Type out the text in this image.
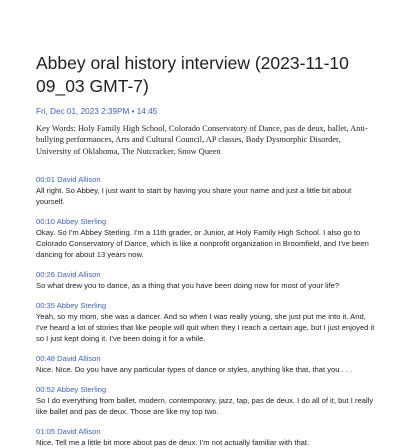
Abbey oral history interview (2023-11-10 09_03 GMT-7)
Fri, Dec 01, 2023 2:39PM • 14:45
Key Words: Holy Family High School, Colorado Conservatory of Dance, pas de deux, ballet, Anti-bullying performances, Arts and Cultural Council, AP classes, Body Dysmorphic Disorder, University of Oklahoma, The Nutcracker, Snow Queen
00:01 David Allison
All right. So Abbey, I just want to start by having you share your name and just a little bit about yourself.
00:10 Abbey Sterling
Okay. So I'm Abbey Sterling. I'm a 11th grader, or Junior, at Holy Family High School. I also go to Colorado Conservatory of Dance, which is like a nonprofit organization in Broomfield, and I've been dancing for about 13 years now.
00:26 David Allison
So what drew you to dance, as a thing that you have been doing now for most of your life?
00:35 Abbey Sterling
Yeah, so my mom, she was a dancer. And so when I was really young, she just put me into it. And, I've heard a lot of stories that like people will quit when they I reach a certain age, but I just enjoyed it so I just kept doing it. I've been doing it for a while.
00:48 David Allison
Nice. Nice. Do you have any particular types of dance or styles, anything like that, that you . . .
00:52 Abbey Sterling
So I do everything from ballet, modern, contemporary, jazz, tap, pas de deux. I do all of it, but I really like ballet and pas de deux. Those are like my top two.
01:05 David Allison
Nice. Tell me a little bit more about pas de deux. I'm not actually familiar with that.
